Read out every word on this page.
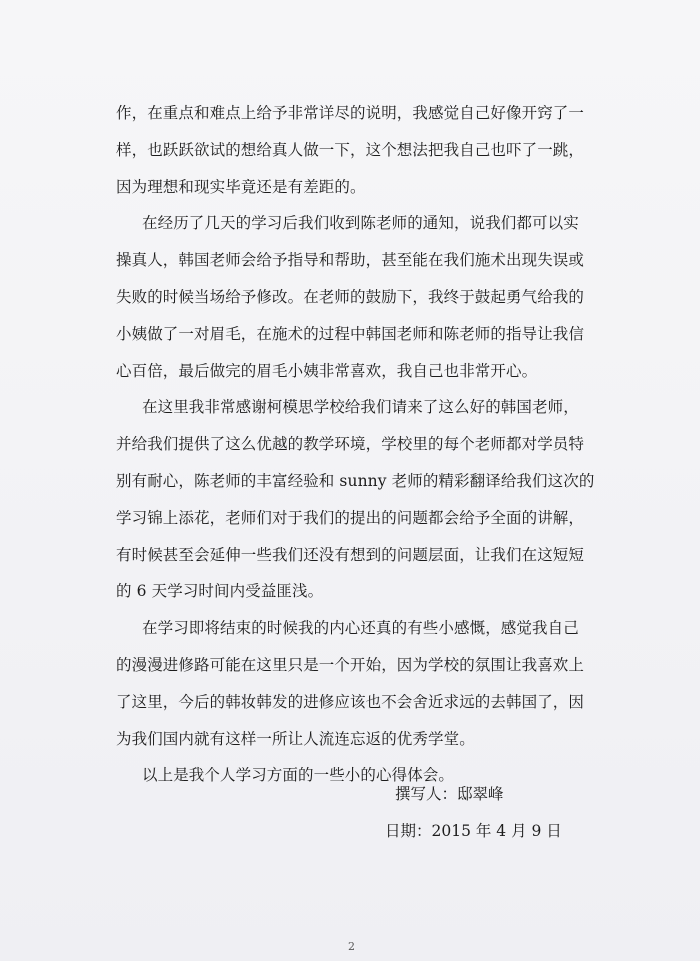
作，在重点和难点上给予非常详尽的说明，我感觉自己好像开窍了一
样，也跃跃欲试的想给真人做一下，这个想法把我自己也吓了一跳，
因为理想和现实毕竟还是有差距的。
在经历了几天的学习后我们收到陈老师的通知，说我们都可以实
操真人，韩国老师会给予指导和帮助，甚至能在我们施术出现失误或
失败的时候当场给予修改。在老师的鼓励下，我终于鼓起勇气给我的
小姨做了一对眉毛，在施术的过程中韩国老师和陈老师的指导让我信
心百倍，最后做完的眉毛小姨非常喜欢，我自己也非常开心。
在这里我非常感谢柯模思学校给我们请来了这么好的韩国老师，
并给我们提供了这么优越的教学环境，学校里的每个老师都对学员特
别有耐心，陈老师的丰富经验和 sunny 老师的精彩翻译给我们这次的
学习锦上添花，老师们对于我们的提出的问题都会给予全面的讲解，
有时候甚至会延伸一些我们还没有想到的问题层面，让我们在这短短
的 6 天学习时间内受益匪浅。
在学习即将结束的时候我的内心还真的有些小感慨，感觉我自己
的漫漫进修路可能在这里只是一个开始，因为学校的氛围让我喜欢上
了这里，今后的韩妆韩发的进修应该也不会舍近求远的去韩国了，因
为我们国内就有这样一所让人流连忘返的优秀学堂。
以上是我个人学习方面的一些小的心得体会。
撰写人：邸翠峰
日期：2015 年 4 月 9 日
2
